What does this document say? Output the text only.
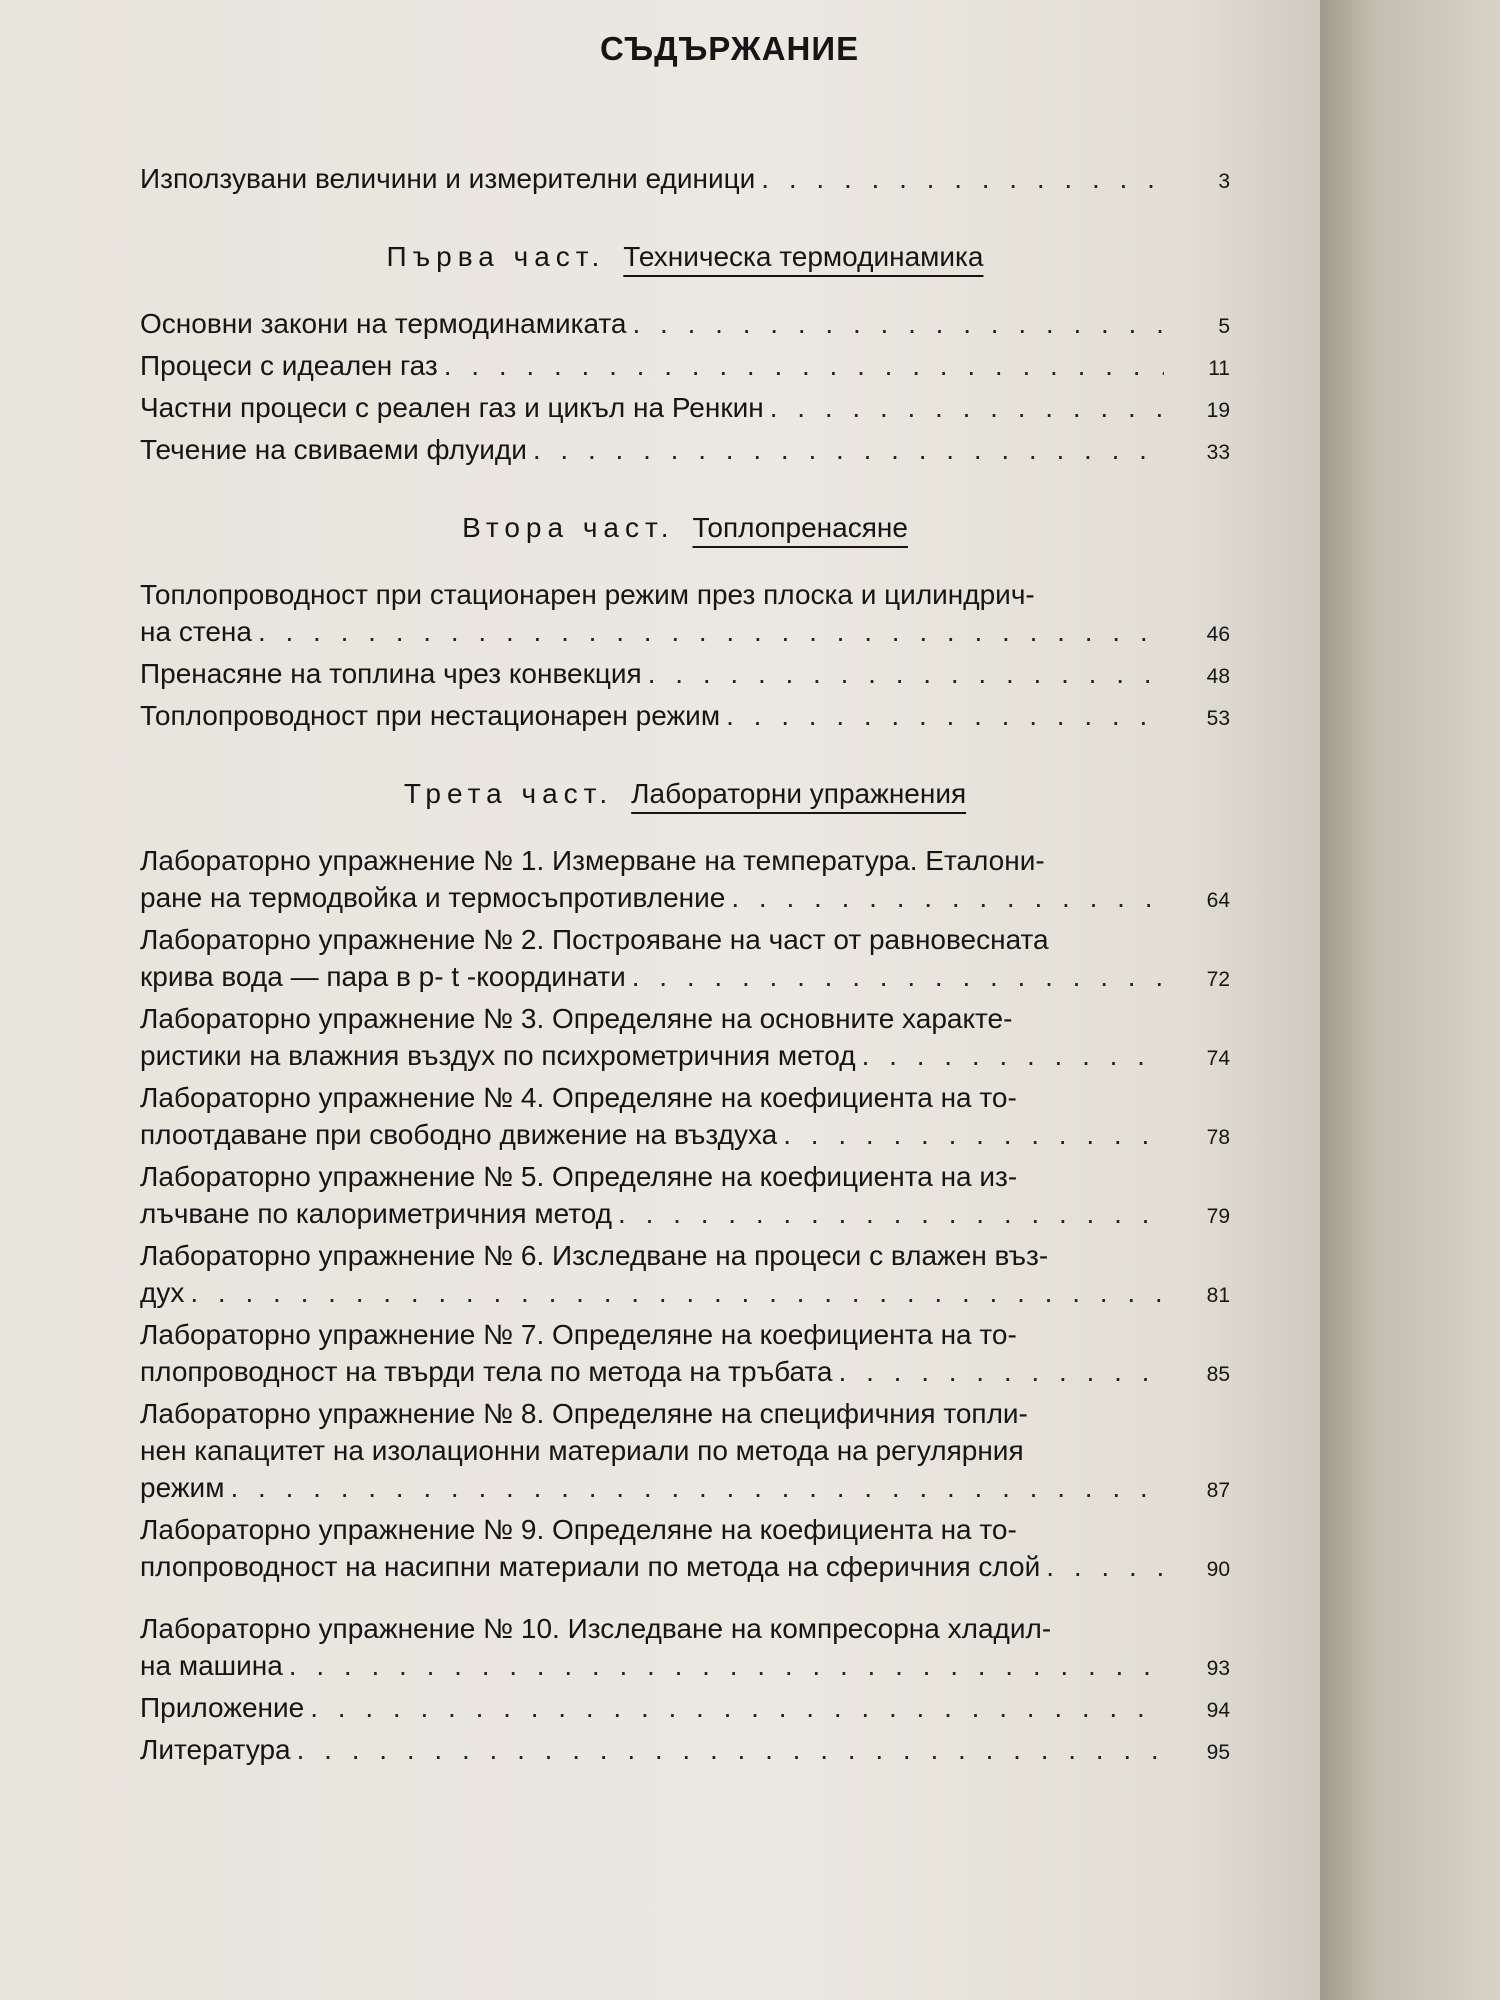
СЪДЪРЖАНИЕ
Използувани величини и измерителни единици . . .	3
Първа част. Техническа термодинамика
Основни закони на термодинамиката . . .	5
Процеси с идеален газ . . .	11
Частни процеси с реален газ и цикъл на Ренкин . . .	19
Течение на свиваеми флуиди . . .	33
Втора част. Топлопренасяне
Топлопроводност при стационарен режим през плоска и цилиндрич-
на стена . . .	46
Пренасяне на топлина чрез конвекция . . .	48
Топлопроводност при нестационарен режим . . .	53
Трета част. Лабораторни упражнения
Лабораторно упражнение № 1. Измерване на температура. Еталони-
ране на термодвойка и термосъпротивление . . .	64
Лабораторно упражнение № 2. Построяване на част от равновесната
крива вода — пара в p- t -координати . . .	72
Лабораторно упражнение № 3. Определяне на основните характе-
ристики на влажния въздух по психрометричния метод . . .	74
Лабораторно упражнение № 4. Определяне на коефициента на то-
плоотдаване при свободно движение на въздуха . . .	78
Лабораторно упражнение № 5. Определяне на коефициента на из-
лъчване по калориметричния метод . . .	79
Лабораторно упражнение № 6. Изследване на процеси с влажен въз-
дух . . .	81
Лабораторно упражнение № 7. Определяне на коефициента на то-
плопроводност на твърди тела по метода на тръбата . . .	85
Лабораторно упражнение № 8. Определяне на специфичния топли-
нен капацитет на изолационни материали по метода на регулярния
режим . . .	87
Лабораторно упражнение № 9. Определяне на коефициента на то-
плопроводност на насипни материали по метода на сферичния слой . . .	90
Лабораторно упражнение № 10. Изследване на компресорна хладил-
на машина . . .	93
Приложение . . .	94
Литература . . .	95
